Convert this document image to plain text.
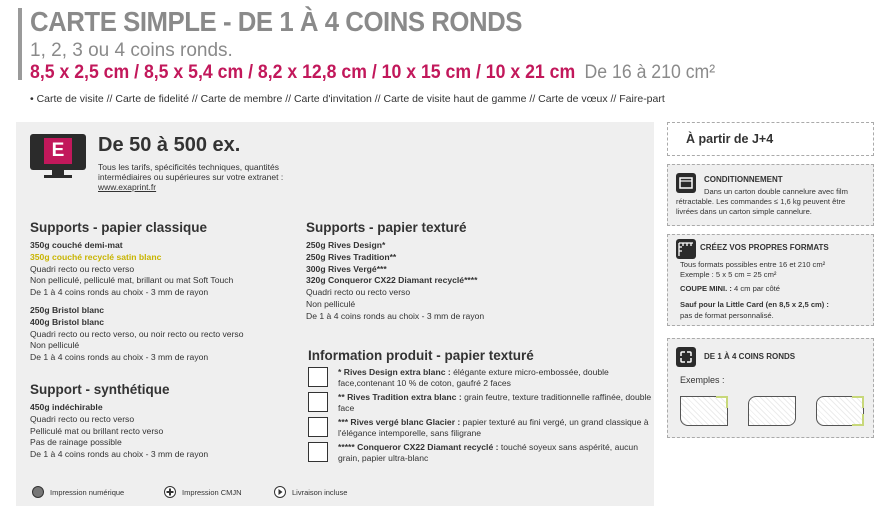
CARTE SIMPLE - DE 1 À 4 COINS RONDS
1, 2, 3 ou 4 coins ronds.
8,5 x 2,5 cm / 8,5 x 5,4 cm / 8,2 x 12,8 cm / 10 x 15 cm / 10 x 21 cm De 16 à 210 cm²
• Carte de visite // Carte de fidelité // Carte de membre // Carte d'invitation // Carte de visite haut de gamme // Carte de vœux // Faire-part
E	De 50 à 500 ex.
Tous les tarifs, spécificités techniques, quantités intermédiaires ou supérieures sur votre extranet : www.exaprint.fr
Supports - papier classique
350g couché demi-mat
350g couché recyclé satin blanc
Quadri recto ou recto verso
Non pelliculé, pelliculé mat, brillant ou mat Soft Touch
De 1 à 4 coins ronds au choix - 3 mm de rayon
250g Bristol blanc
400g Bristol blanc
Quadri recto ou recto verso, ou noir recto ou recto verso
Non pelliculé
De 1 à 4 coins ronds au choix - 3 mm de rayon
Support - synthétique
450g indéchirable
Quadri recto ou recto verso
Pelliculé mat ou brillant recto verso
Pas de rainage possible
De 1 à 4 coins ronds au choix - 3 mm de rayon
Supports - papier texturé
250g Rives Design*
250g Rives Tradition**
300g Rives Vergé***
320g Conqueror CX22 Diamant recyclé****
Quadri recto ou recto verso
Non pelliculé
De 1 à 4 coins ronds au choix - 3 mm de rayon
Information produit - papier texturé
* Rives Design extra blanc : élégante exture micro-embossée, double face,contenant 10 % de coton, gaufré 2 faces
** Rives Tradition extra blanc : grain feutre, texture traditionnelle raffinée, double face
*** Rives vergé blanc Glacier : papier texturé au fini vergé, un grand classique à l'élégance intemporelle, sans filigrane
***** Conqueror CX22 Diamant recyclé : touché soyeux sans aspérité, aucun grain, papier ultra-blanc
Impression numérique	Impression CMJN	Livraison incluse
À partir de J+4
CONDITIONNEMENT
Dans un carton double cannelure avec film rétractable. Les commandes ≤ 1,6 kg peuvent être livrées dans un carton simple cannelure.
CRÉEZ VOS PROPRES FORMATS
Tous formats possibles entre 16 et 210 cm²
Exemple : 5 x 5 cm = 25 cm²
COUPE MINI. : 4 cm par côté
Sauf pour la Little Card (en 8,5 x 2,5 cm) :
pas de format personnalisé.
DE 1 À 4 COINS RONDS
Exemples :
